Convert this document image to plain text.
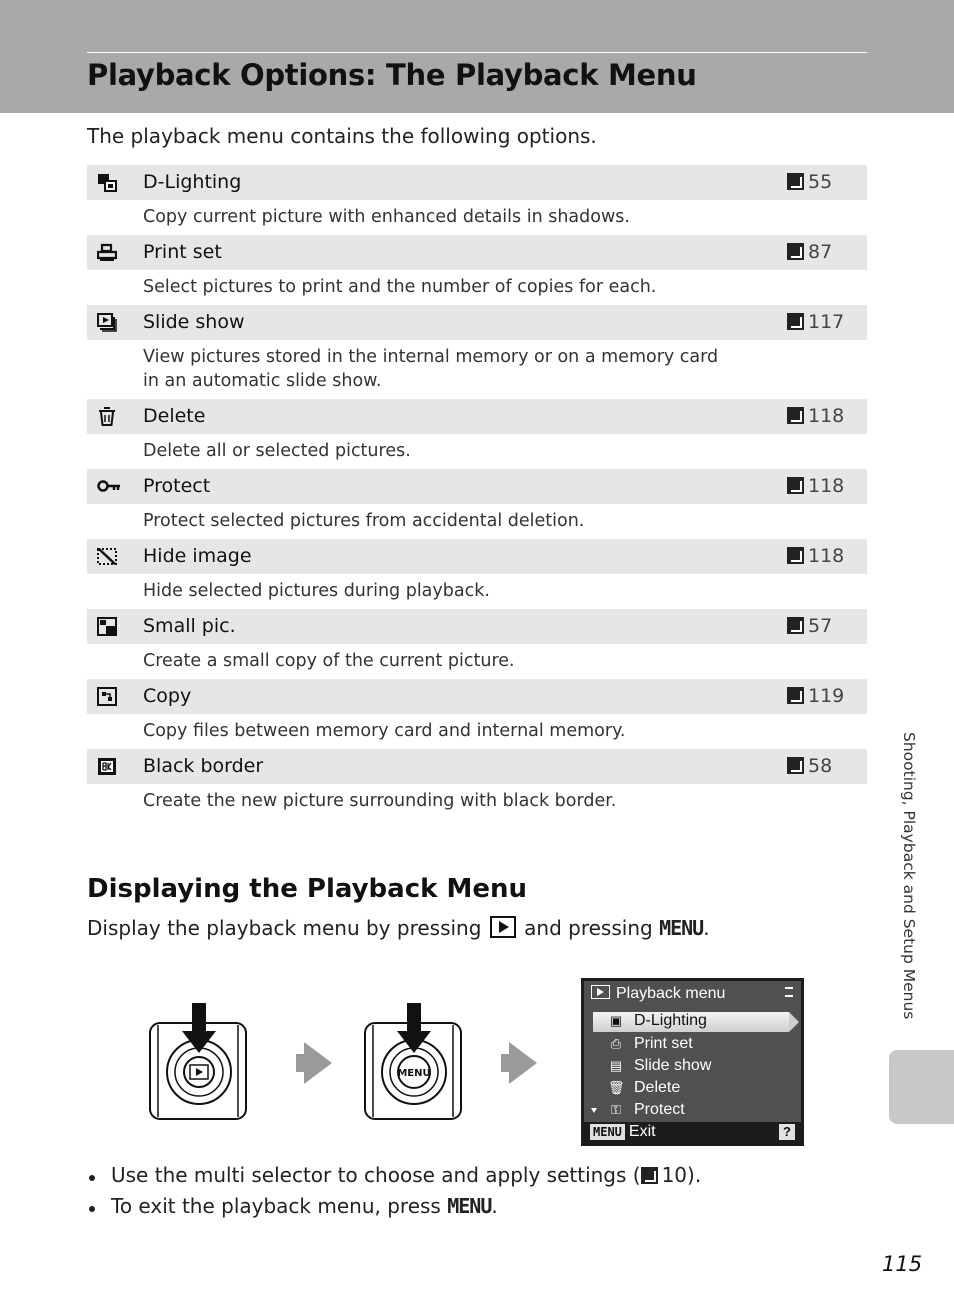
Playback Options: The Playback Menu
The playback menu contains the following options.
D-Lighting	55
Copy current picture with enhanced details in shadows.
Print set	87
Select pictures to print and the number of copies for each.
Slide show	117
View pictures stored in the internal memory or on a memory card in an automatic slide show.
Delete	118
Delete all or selected pictures.
Protect	118
Protect selected pictures from accidental deletion.
Hide image	118
Hide selected pictures during playback.
Small pic.	57
Create a small copy of the current picture.
Copy	119
Copy files between memory card and internal memory.
Black border	58
Create the new picture surrounding with black border.
Displaying the Playback Menu
Display the playback menu by pressing and pressing MENU.
MENU
Playback menu
▣ D-Lighting
⎙ Print set
▤ Slide show
🗑 Delete
⚿ Protect
MENU Exit	?
Use the multi selector to choose and apply settings ( 10).
To exit the playback menu, press MENU.
Shooting, Playback and Setup Menus
115
